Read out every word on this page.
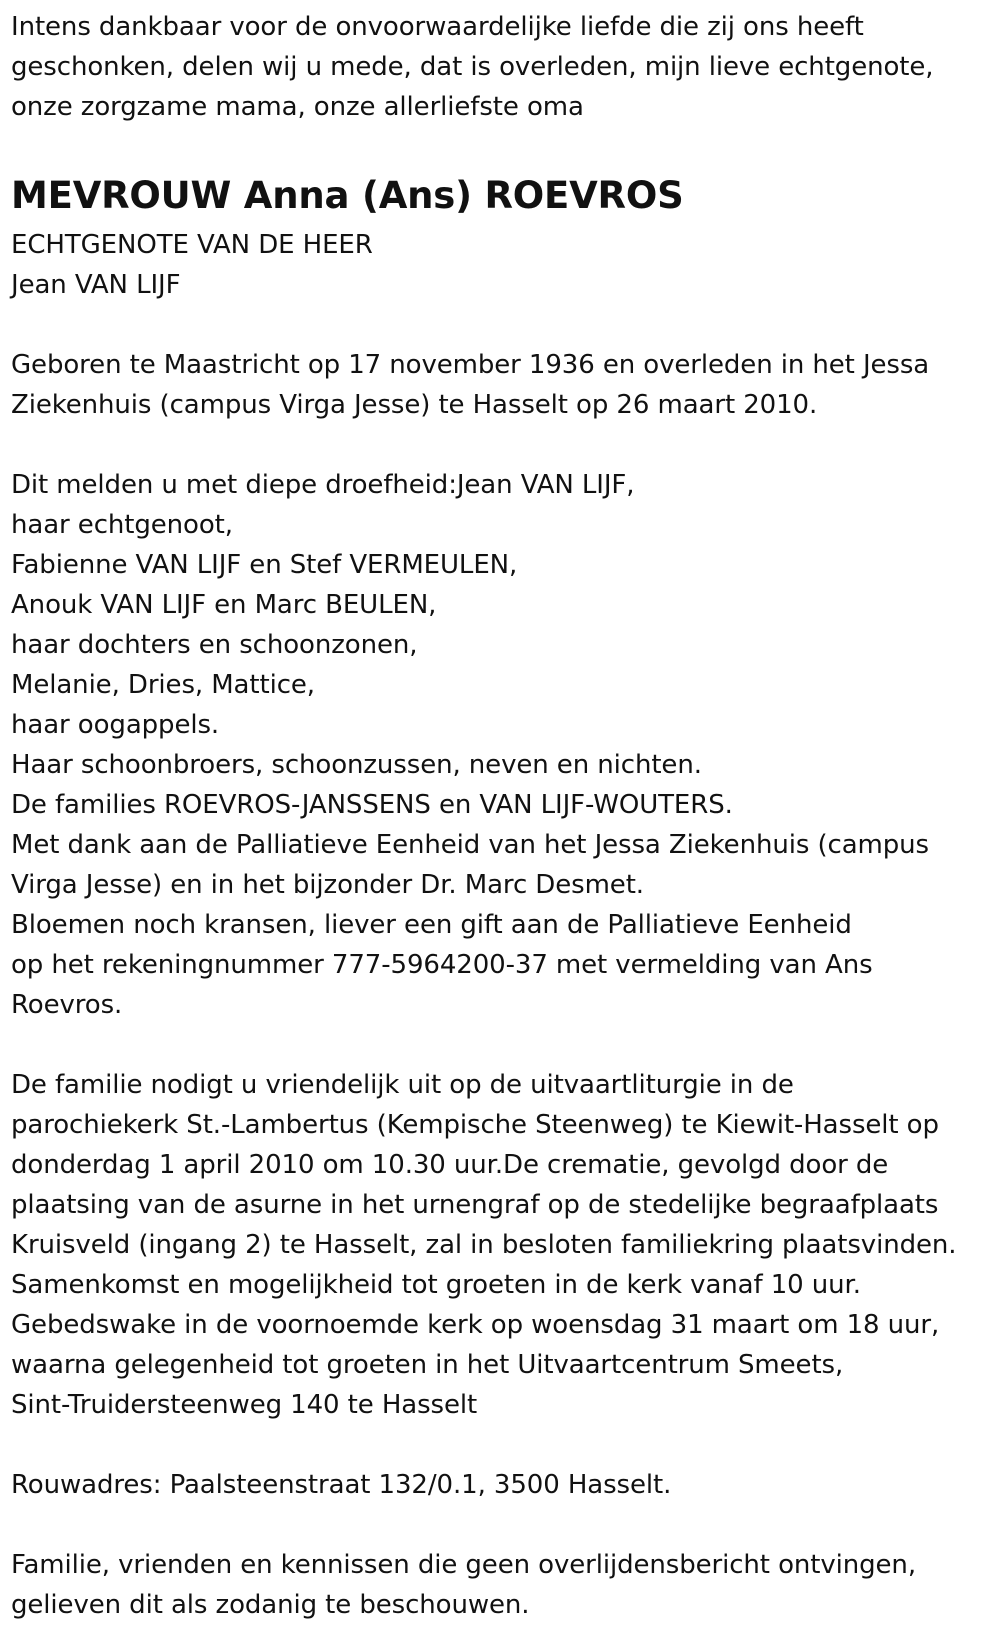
Intens dankbaar voor de onvoorwaardelijke liefde die zij ons heeft
geschonken, delen wij u mede, dat is overleden, mijn lieve echtgenote,
onze zorgzame mama, onze allerliefste oma
MEVROUW Anna (Ans) ROEVROS
ECHTGENOTE VAN DE HEER
Jean VAN LIJF
Geboren te Maastricht op 17 november 1936 en overleden in het Jessa
Ziekenhuis (campus Virga Jesse) te Hasselt op 26 maart 2010.
Dit melden u met diepe droefheid:Jean VAN LIJF,
haar echtgenoot,
Fabienne VAN LIJF en Stef VERMEULEN,
Anouk VAN LIJF en Marc BEULEN,
haar dochters en schoonzonen,
Melanie, Dries, Mattice,
haar oogappels.
Haar schoonbroers, schoonzussen, neven en nichten.
De families ROEVROS-JANSSENS en VAN LIJF-WOUTERS.
Met dank aan de Palliatieve Eenheid van het Jessa Ziekenhuis (campus
Virga Jesse) en in het bijzonder Dr. Marc Desmet.
Bloemen noch kransen, liever een gift aan de Palliatieve Eenheid
op het rekeningnummer 777-5964200-37 met vermelding van Ans
Roevros.
De familie nodigt u vriendelijk uit op de uitvaartliturgie in de
parochiekerk St.-Lambertus (Kempische Steenweg) te Kiewit-Hasselt op
donderdag 1 april 2010 om 10.30 uur.De crematie, gevolgd door de
plaatsing van de asurne in het urnengraf op de stedelijke begraafplaats
Kruisveld (ingang 2) te Hasselt, zal in besloten familiekring plaatsvinden.
Samenkomst en mogelijkheid tot groeten in de kerk vanaf 10 uur.
Gebedswake in de voornoemde kerk op woensdag 31 maart om 18 uur,
waarna gelegenheid tot groeten in het Uitvaartcentrum Smeets,
Sint-Truidersteenweg 140 te Hasselt
Rouwadres: Paalsteenstraat 132/0.1, 3500 Hasselt.
Familie, vrienden en kennissen die geen overlijdensbericht ontvingen,
gelieven dit als zodanig te beschouwen.
